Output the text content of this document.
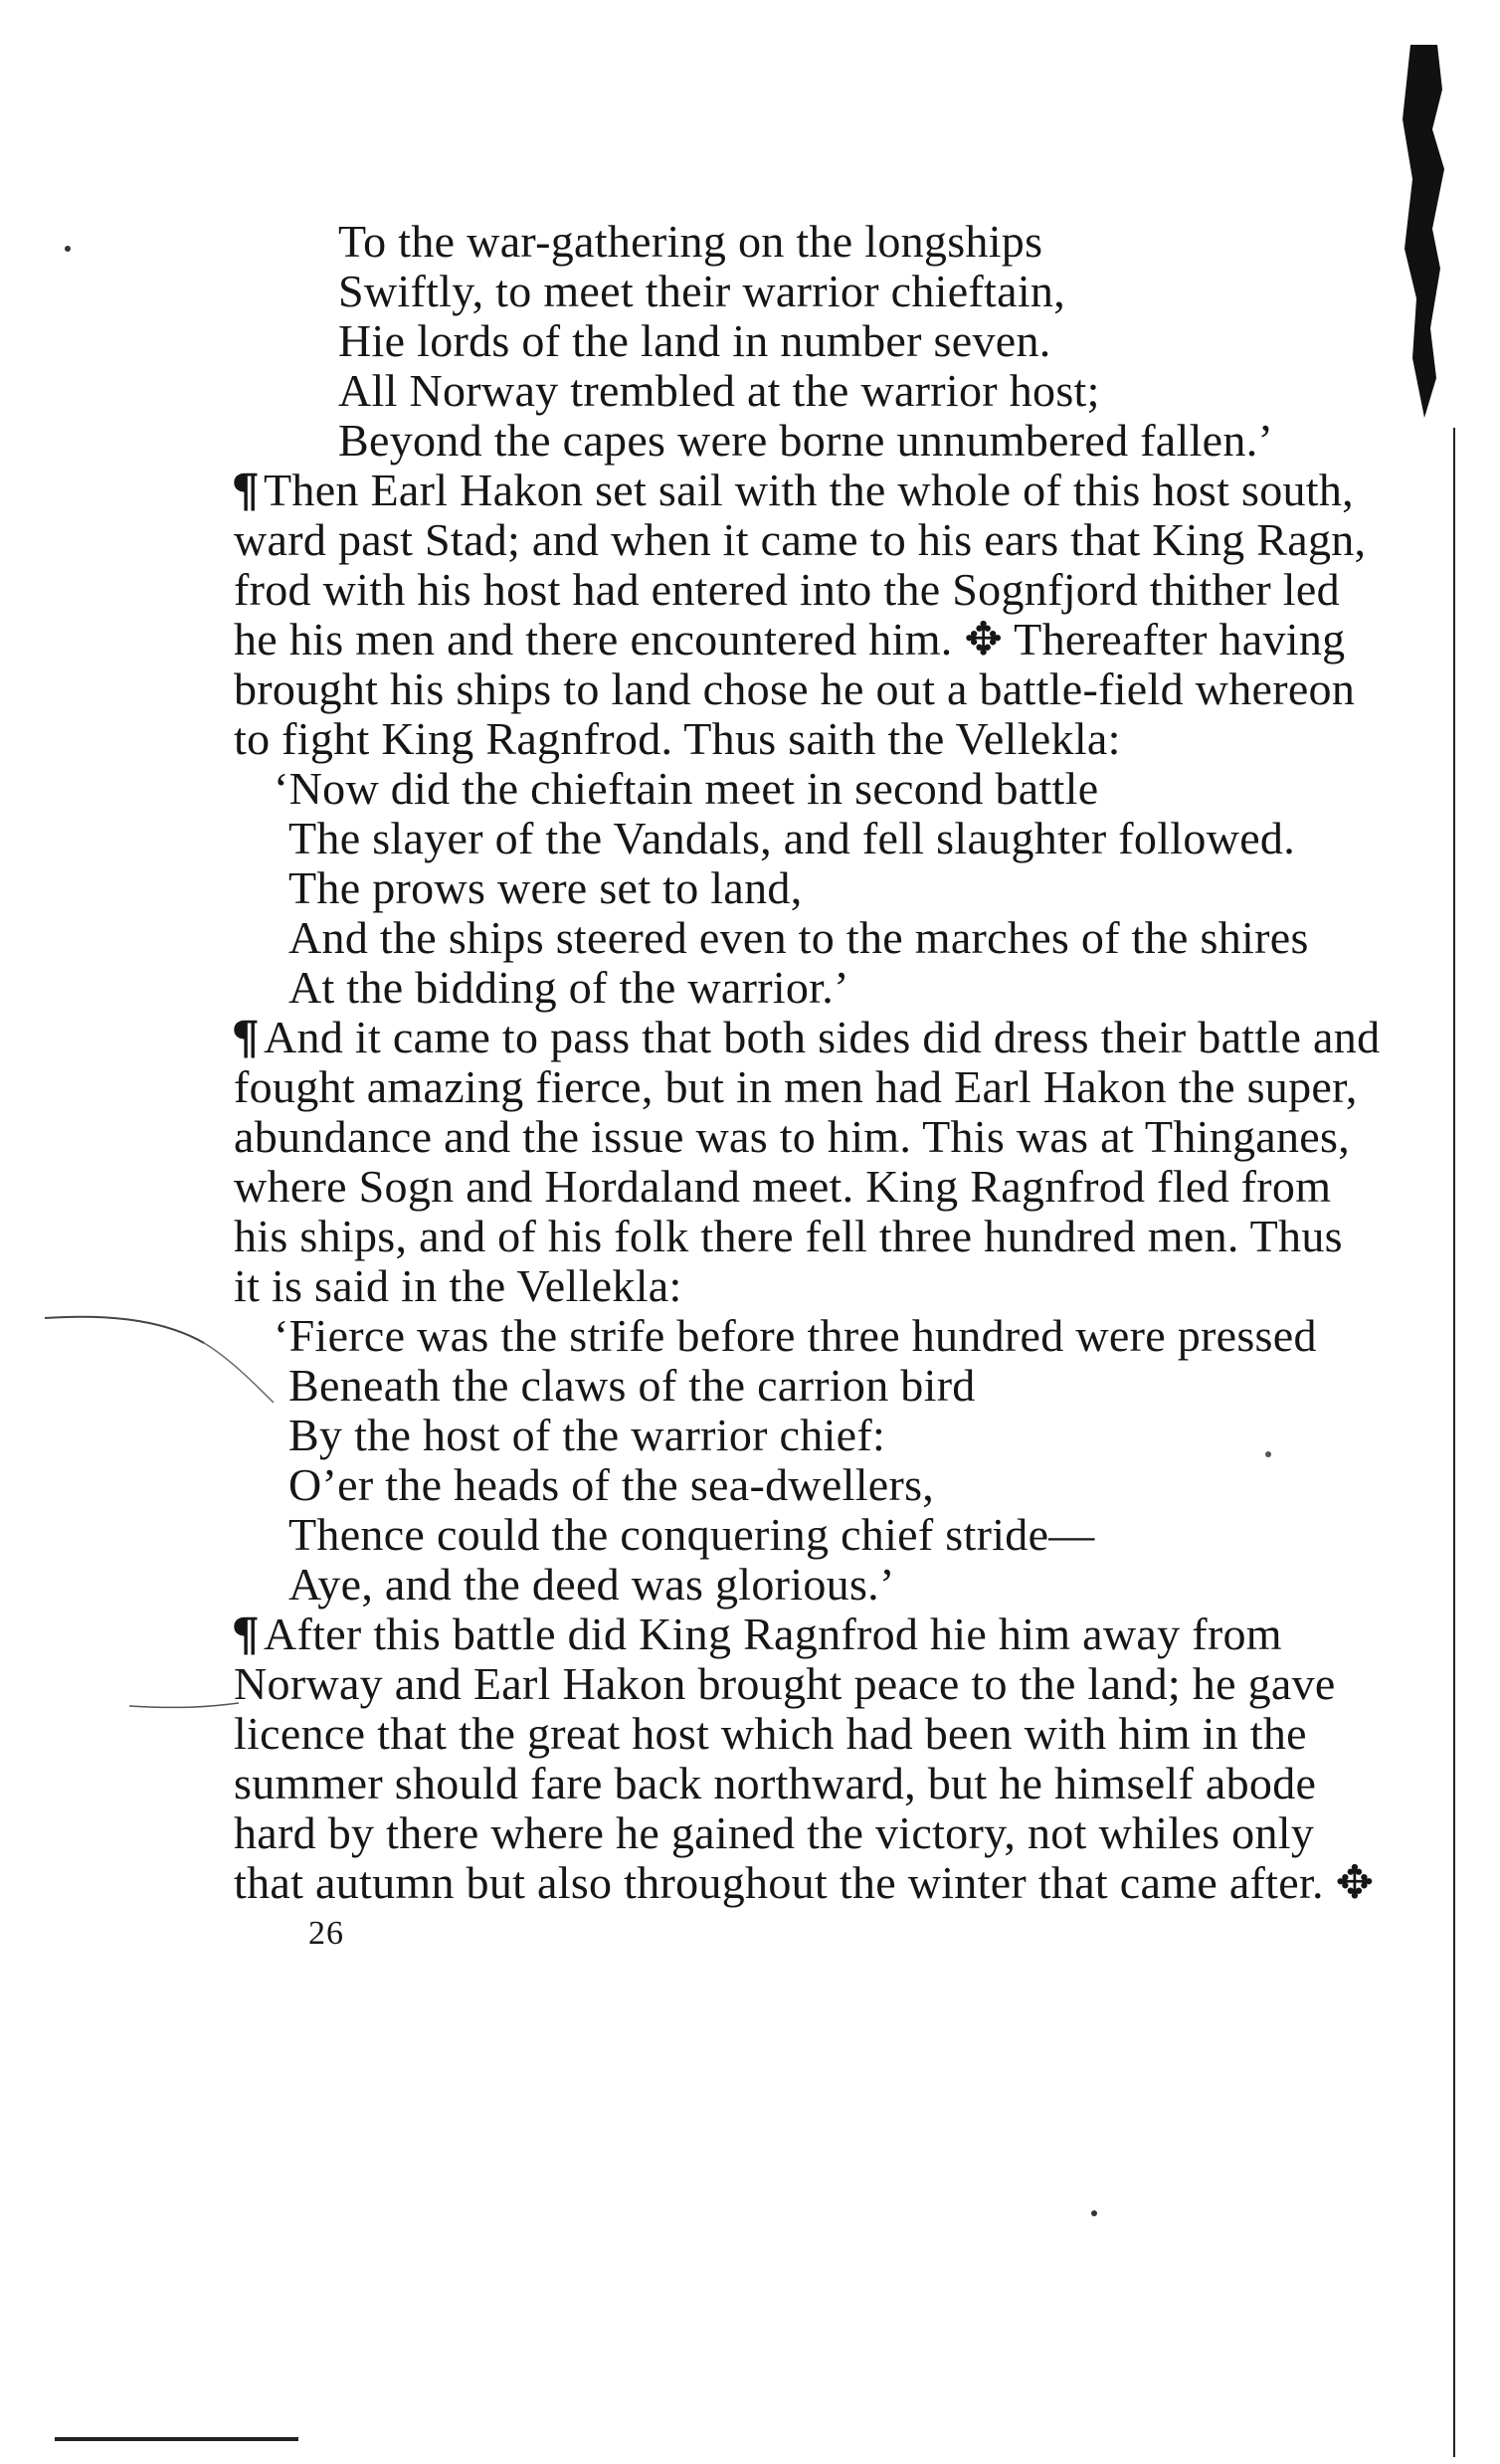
To the war-gathering on the longships
Swiftly, to meet their warrior chieftain,
Hie lords of the land in number seven.
All Norway trembled at the warrior host;
Beyond the capes were borne unnumbered fallen.’
¶ Then Earl Hakon set sail with the whole of this host south,
ward past Stad; and when it came to his ears that King Ragn,
frod with his host had entered into the Sognfjord thither led
he his men and there encountered him. ✥ Thereafter having
brought his ships to land chose he out a battle-field whereon
to fight King Ragnfrod. Thus saith the Vellekla:
‘Now did the chieftain meet in second battle
The slayer of the Vandals, and fell slaughter followed.
The prows were set to land,
And the ships steered even to the marches of the shires
At the bidding of the warrior.’
¶ And it came to pass that both sides did dress their battle and
fought amazing fierce, but in men had Earl Hakon the super,
abundance and the issue was to him. This was at Thinganes,
where Sogn and Hordaland meet. King Ragnfrod fled from
his ships, and of his folk there fell three hundred men. Thus
it is said in the Vellekla:
‘Fierce was the strife before three hundred were pressed
Beneath the claws of the carrion bird
By the host of the warrior chief:
O’er the heads of the sea-dwellers,
Thence could the conquering chief stride—
Aye, and the deed was glorious.’
¶ After this battle did King Ragnfrod hie him away from
Norway and Earl Hakon brought peace to the land; he gave
licence that the great host which had been with him in the
summer should fare back northward, but he himself abode
hard by there where he gained the victory, not whiles only
that autumn but also throughout the winter that came after. ✥
26
